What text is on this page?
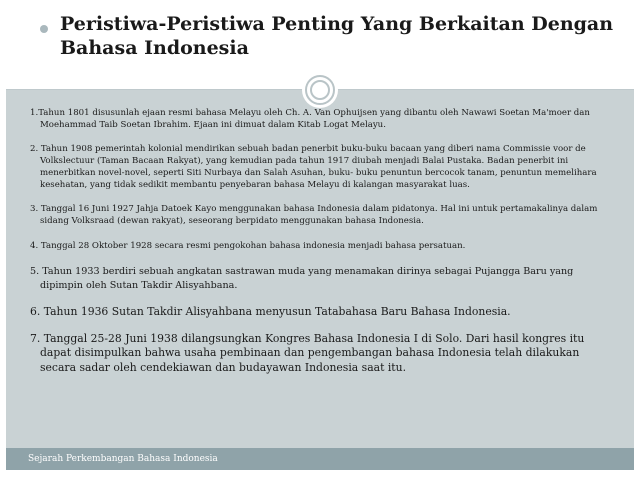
Peristiwa-Peristiwa Penting Yang Berkaitan Dengan Bahasa Indonesia
1.Tahun 1801 disusunlah ejaan resmi bahasa Melayu oleh Ch. A. Van Ophuijsen yang dibantu oleh Nawawi Soetan Ma'moer dan Moehammad Taib Soetan Ibrahim. Ejaan ini dimuat dalam Kitab Logat Melayu.
2. Tahun 1908 pemerintah kolonial mendirikan sebuah badan penerbit buku-buku bacaan yang diberi nama Commissie voor de Volkslectuur (Taman Bacaan Rakyat), yang kemudian pada tahun 1917 diubah menjadi Balai Pustaka. Badan penerbit ini menerbitkan novel-novel, seperti Siti Nurbaya dan Salah Asuhan, buku- buku penuntun bercocok tanam, penuntun memelihara kesehatan, yang tidak sedikit membantu penyebaran bahasa Melayu di kalangan masyarakat luas.
3. Tanggal 16 Juni 1927 Jahja Datoek Kayo menggunakan bahasa Indonesia dalam pidatonya. Hal ini untuk pertamakalinya dalam sidang Volksraad (dewan rakyat), seseorang berpidato menggunakan bahasa Indonesia.
4. Tanggal 28 Oktober 1928 secara resmi pengokohan bahasa indonesia menjadi bahasa persatuan.
5. Tahun 1933 berdiri sebuah angkatan sastrawan muda yang menamakan dirinya sebagai Pujangga Baru yang dipimpin oleh Sutan Takdir Alisyahbana.
6. Tahun 1936 Sutan Takdir Alisyahbana menyusun Tatabahasa Baru Bahasa Indonesia.
7. Tanggal 25-28 Juni 1938 dilangsungkan Kongres Bahasa Indonesia I di Solo. Dari hasil kongres itu dapat disimpulkan bahwa usaha pembinaan dan pengembangan bahasa Indonesia telah dilakukan secara sadar oleh cendekiawan dan budayawan Indonesia saat itu.
Sejarah Perkembangan Bahasa Indonesia
